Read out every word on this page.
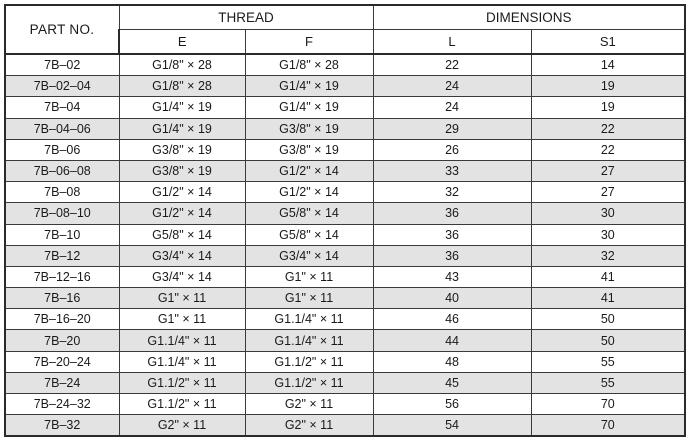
PART NO.	THREAD		DIMENSIONS	
	E	F	L	S1
7B–02	G1/8" × 28	G1/8" × 28	22	14
7B–02–04	G1/8" × 28	G1/4" × 19	24	19
7B–04	G1/4" × 19	G1/4" × 19	24	19
7B–04–06	G1/4" × 19	G3/8" × 19	29	22
7B–06	G3/8" × 19	G3/8" × 19	26	22
7B–06–08	G3/8" × 19	G1/2" × 14	33	27
7B–08	G1/2" × 14	G1/2" × 14	32	27
7B–08–10	G1/2" × 14	G5/8" × 14	36	30
7B–10	G5/8" × 14	G5/8" × 14	36	30
7B–12	G3/4" × 14	G3/4" × 14	36	32
7B–12–16	G3/4" × 14	G1" × 11	43	41
7B–16	G1" × 11	G1" × 11	40	41
7B–16–20	G1" × 11	G1.1/4" × 11	46	50
7B–20	G1.1/4" × 11	G1.1/4" × 11	44	50
7B–20–24	G1.1/4" × 11	G1.1/2" × 11	48	55
7B–24	G1.1/2" × 11	G1.1/2" × 11	45	55
7B–24–32	G1.1/2" × 11	G2" × 11	56	70
7B–32	G2" × 11	G2" × 11	54	70
